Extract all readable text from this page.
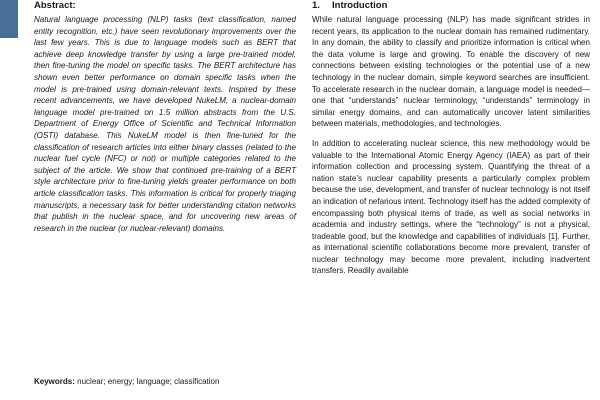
Abstract:

Natural language processing (NLP) tasks (text classification, named entity recognition, etc.) have seen revolutionary improvements over the last few years. This is due to language models such as BERT that achieve deep knowledge transfer by using a large pre-trained model, then fine-tuning the model on specific tasks. The BERT architecture has shown even better performance on domain specific tasks when the model is pre-trained using domain-relevant texts. Inspired by these recent advancements, we have developed NukeLM, a nuclear-domain language model pre-trained on 1.5 million abstracts from the U.S. Department of Energy Office of Scientific and Technical Information (OSTI) database. This NukeLM model is then fine-tuned for the classification of research articles into either binary classes (related to the nuclear fuel cycle (NFC) or not) or multiple categories related to the subject of the article. We show that continued pre-training of a BERT style architecture prior to fine-tuning yields greater performance on both article classification tasks. This information is critical for properly triaging manuscripts, a necessary task for better understanding citation networks that publish in the nuclear space, and for uncovering new areas of research in the nuclear (or nuclear-relevant) domains.

Keywords: nuclear; energy; language; classification
1. Introduction

While natural language processing (NLP) has made significant strides in recent years, its application to the nuclear domain has remained rudimentary. In any domain, the ability to classify and prioritize information is critical when the data volume is large and growing. To enable the discovery of new connections between existing technologies or the potential use of a new technology in the nuclear domain, simple keyword searches are insufficient. To accelerate research in the nuclear domain, a language model is needed—one that “understands” nuclear terminology, “understands” terminology in similar energy domains, and can automatically uncover latent similarities between materials, methodologies, and technologies.

In addition to accelerating nuclear science, this new methodology would be valuable to the International Atomic Energy Agency (IAEA) as part of their information collection and processing system. Quantifying the threat of a nation state’s nuclear capability presents a particularly complex problem because the use, development, and transfer of nuclear technology is not itself an indication of nefarious intent. Technology itself has the added complexity of encompassing both physical items of trade, as well as social networks in academia and industry settings, where the “technology” is not a physical, tradeable good, but the knowledge and capabilities of individuals [1]. Further, as international scientific collaborations become more prevalent, transfer of nuclear technology may become more prevalent, including inadvertent transfers. Readily available
